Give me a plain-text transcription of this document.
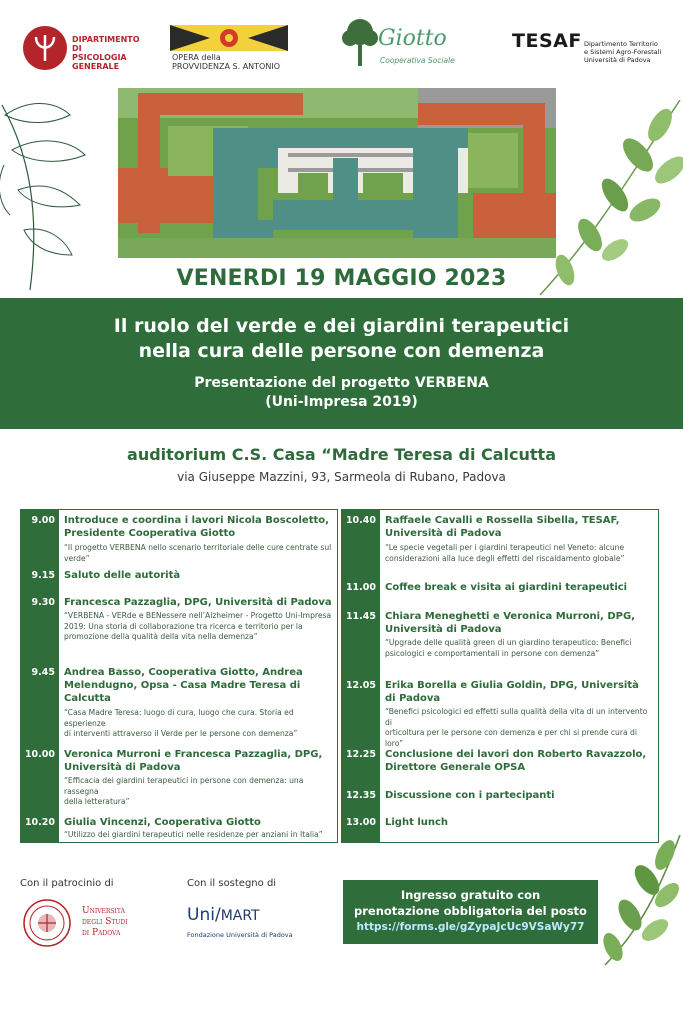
DIPARTIMENTO DI
PSICOLOGIA
GENERALE
OPERA della
PROVVIDENZA S. ANTONIO
Giotto
Cooperativa Sociale
TESAF Dipartimento Territorio
e Sistemi Agro-Forestali
Università di Padova
VENERDI 19 MAGGIO 2023
Il ruolo del verde e dei giardini terapeutici
nella cura delle persone con demenza
Presentazione del progetto VERBENA
(Uni-Impresa 2019)
auditorium C.S. Casa “Madre Teresa di Calcutta
via Giuseppe Mazzini, 93, Sarmeola di Rubano, Padova
9.00 Introduce e coordina i lavori Nicola Boscoletto,
Presidente Cooperativa Giotto
“Il progetto VERBENA nello scenario territoriale delle cure centrate sul verde”
9.15 Saluto delle autorità
9.30 Francesca Pazzaglia, DPG, Università di Padova
“VERBENA - VERde e BENessere nell’Alzheimer - Progetto Uni-Impresa
2019: Una storia di collaborazione tra ricerca e territorio per la
promozione della qualità della vita nella demenza”
9.45 Andrea Basso, Cooperativa Giotto, Andrea
Melendugno, Opsa - Casa Madre Teresa di
Calcutta
“Casa Madre Teresa: luogo di cura, luogo che cura. Storia ed esperienze
di interventi attraverso il Verde per le persone con demenza”
10.00 Veronica Murroni e Francesca Pazzaglia, DPG,
Università di Padova
“Efficacia dei giardini terapeutici in persone con demenza: una rassegna
della letteratura”
10.20 Giulia Vincenzi, Cooperativa Giotto
“Utilizzo dei giardini terapeutici nelle residenze per anziani in Italia”
10.40 Raffaele Cavalli e Rossella Sibella, TESAF,
Università di Padova
“Le specie vegetali per i giardini terapeutici nel Veneto: alcune
considerazioni alla luce degli effetti del riscaldamento globale”
11.00 Coffee break e visita ai giardini terapeutici
11.45 Chiara Meneghetti e Veronica Murroni, DPG,
Università di Padova
“Upgrade delle qualità green di un giardino terapeutico: Benefici
psicologici e comportamentali in persone con demenza”
12.05 Erika Borella e Giulia Goldin, DPG, Università
di Padova
“Benefici psicologici ed effetti sulla qualità della vita di un intervento di
orticoltura per le persone con demenza e per chi si prende cura di loro”
12.25 Conclusione dei lavori don Roberto Ravazzolo,
Direttore Generale OPSA
12.35 Discussione con i partecipanti
13.00 Light lunch
Con il patrocinio di	Con il sostegno di
Università
degli Studi
di Padova
Uni/MART
Fondazione Università di Padova
Ingresso gratuito con
prenotazione obbligatoria del posto
https://forms.gle/gZypaJcUc9VSaWy77
